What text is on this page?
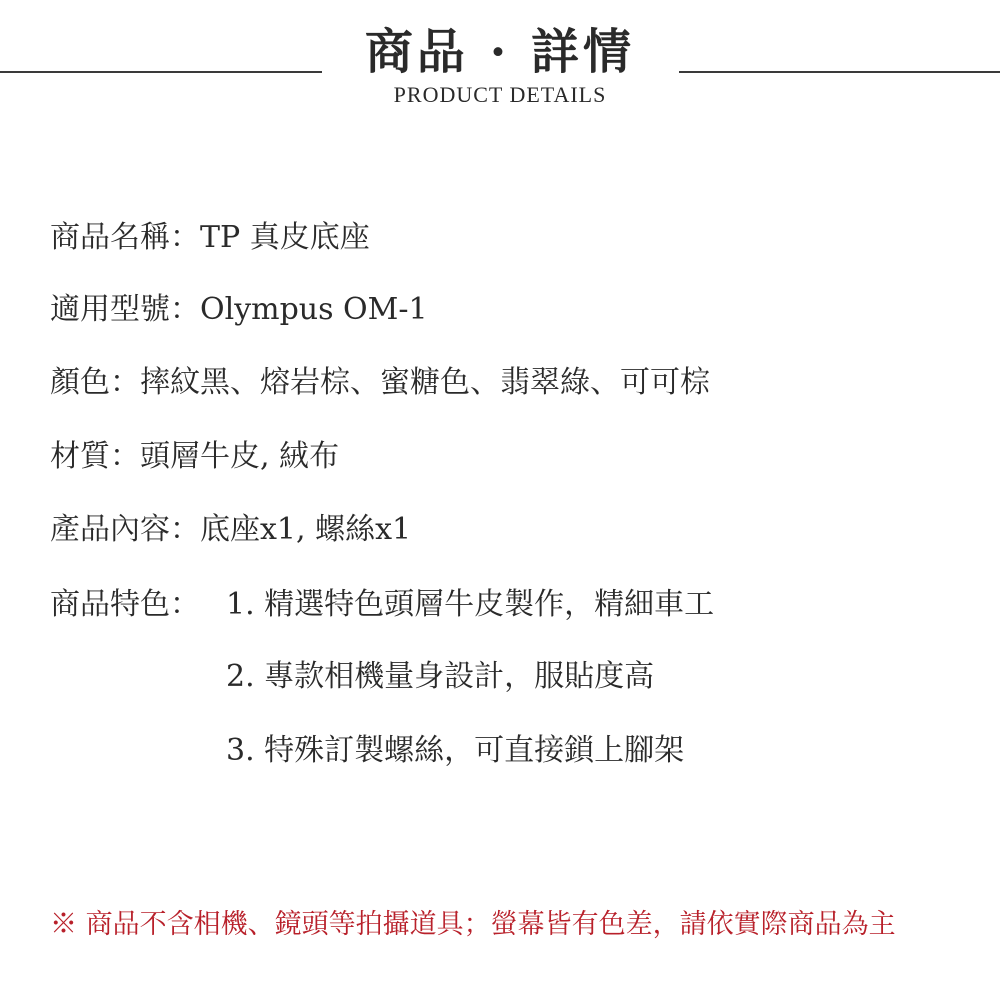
商品 · 詳情
PRODUCT DETAILS
商品名稱：TP 真皮底座
適用型號：Olympus OM-1
顏色：摔紋黑、熔岩棕、蜜糖色、翡翠綠、可可棕
材質：頭層牛皮, 絨布
產品內容：底座x1, 螺絲x1
商品特色： 1. 精選特色頭層牛皮製作，精細車工
2. 專款相機量身設計，服貼度高
3. 特殊訂製螺絲，可直接鎖上腳架
※ 商品不含相機、鏡頭等拍攝道具；螢幕皆有色差，請依實際商品為主
